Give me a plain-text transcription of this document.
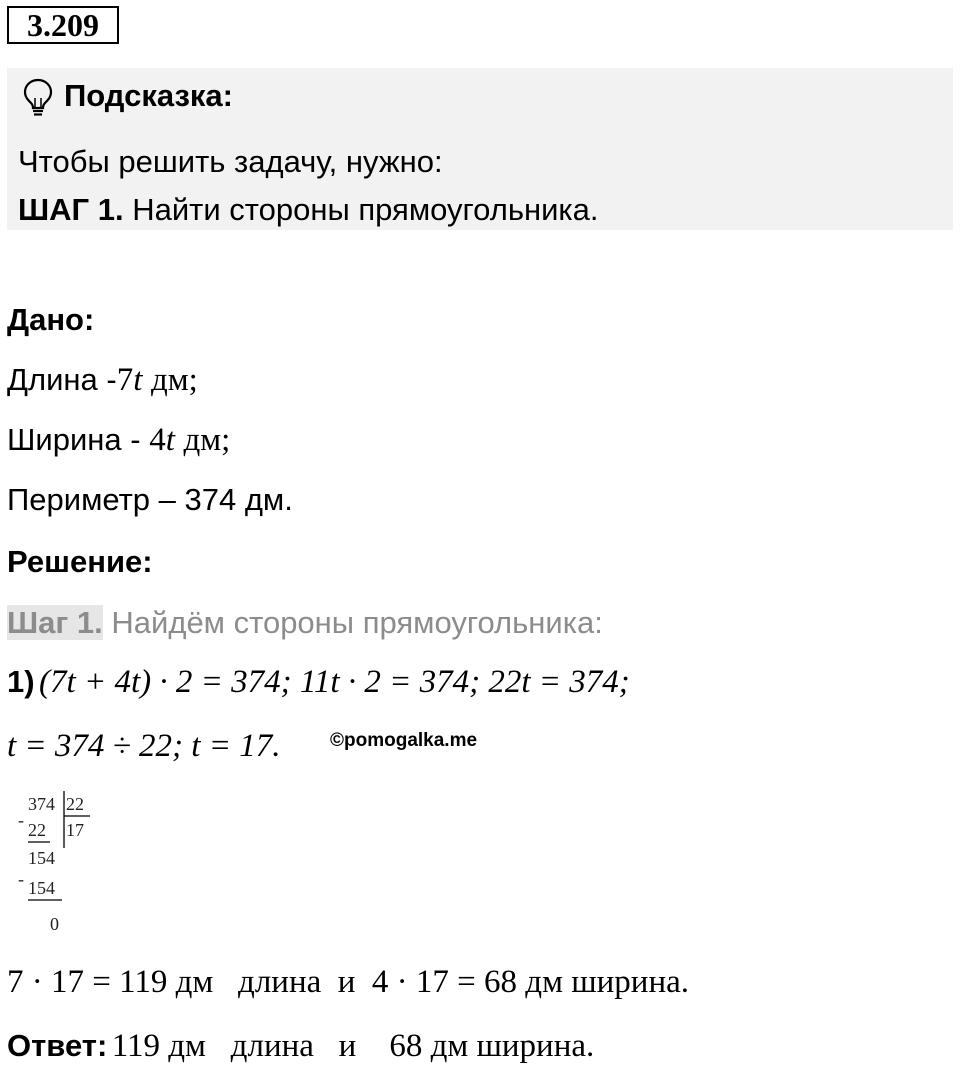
3.209
Подсказка:
Чтобы решить задачу, нужно:
ШАГ 1. Найти стороны прямоугольника.
Дано:
Длина -7t дм;
Ширина - 4t дм;
Периметр – 374 дм.
Решение:
Шаг 1. Найдём стороны прямоугольника:
1) (7t + 4t) · 2 = 374; 11t · 2 = 374; 22t = 374;
t = 374 ÷ 22; t = 17.	©pomogalka.me
374 22
17
- 22
154
- 154
0
7 · 17 = 119 дм   длина  и  4 · 17 = 68 дм ширина.
Ответ: 119 дм   длина   и    68 дм ширина.
